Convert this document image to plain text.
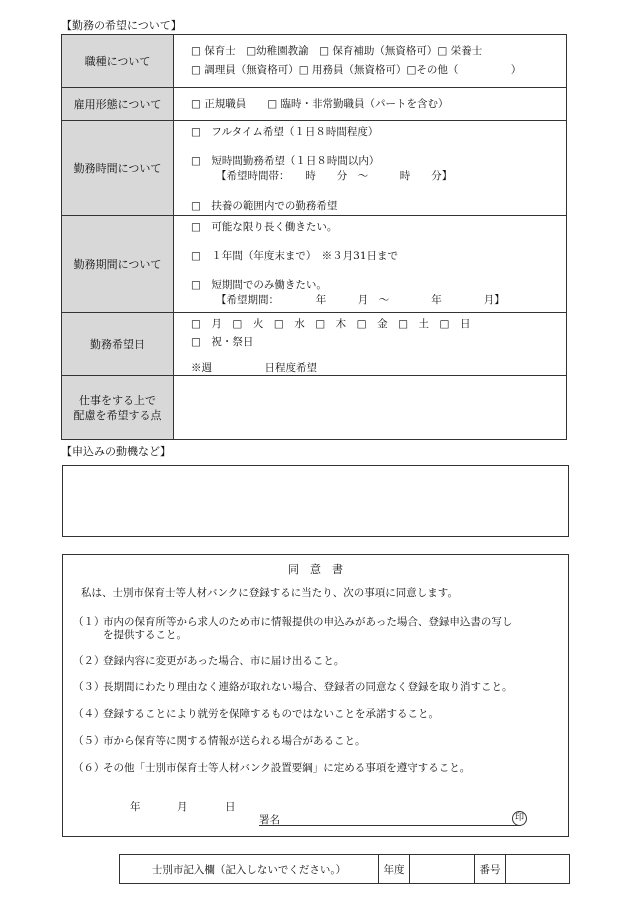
【勤務の希望について】
職種について	□ 保育士　□幼稚園教諭　□ 保育補助（無資格可）□ 栄養士
□ 調理員（無資格可）□ 用務員（無資格可）□その他（　　　　　）

雇用形態について	□ 正規職員　　□ 臨時・非常勤職員（パートを含む）

勤務時間について	□　フルタイム希望（１日８時間程度）
□　短時間勤務希望（１日８時間以内）
【希望時間帯：　　時　　分　～　　　時　　分】
□　扶養の範囲内での勤務希望

勤務期間について	□　可能な限り長く働きたい。
□　１年間（年度末まで）　※３月31日まで
□　短期間でのみ働きたい。
【希望期間：　　　　年　　　月　～　　　　年　　　　月】

勤務希望日	□　月　□　火　□　水　□　木　□　金　□　土　□　日
□　祝・祭日
※週　　　　　日程度希望

仕事をする上で
配慮を希望する点	

【申込みの動機など】
同　意　書
私は、士別市保育士等人材バンクに登録するに当たり、次の事項に同意します。
（１）
市内の保育所等から求人のため市に情報提供の申込みがあった場合、登録申込書の写し
を提供すること。
（２）
登録内容に変更があった場合、市に届け出ること。
（３）
長期間にわたり理由なく連絡が取れない場合、登録者の同意なく登録を取り消すこと。
（４）
登録することにより就労を保障するものではないことを承諾すること。
（５）
市から保育等に関する情報が送られる場合があること。
（６）
その他「士別市保育士等人材バンク設置要綱」に定める事項を遵守すること。
年	月	日
署名	印
士別市記入欄（記入しないでください。）	年度		番号	
